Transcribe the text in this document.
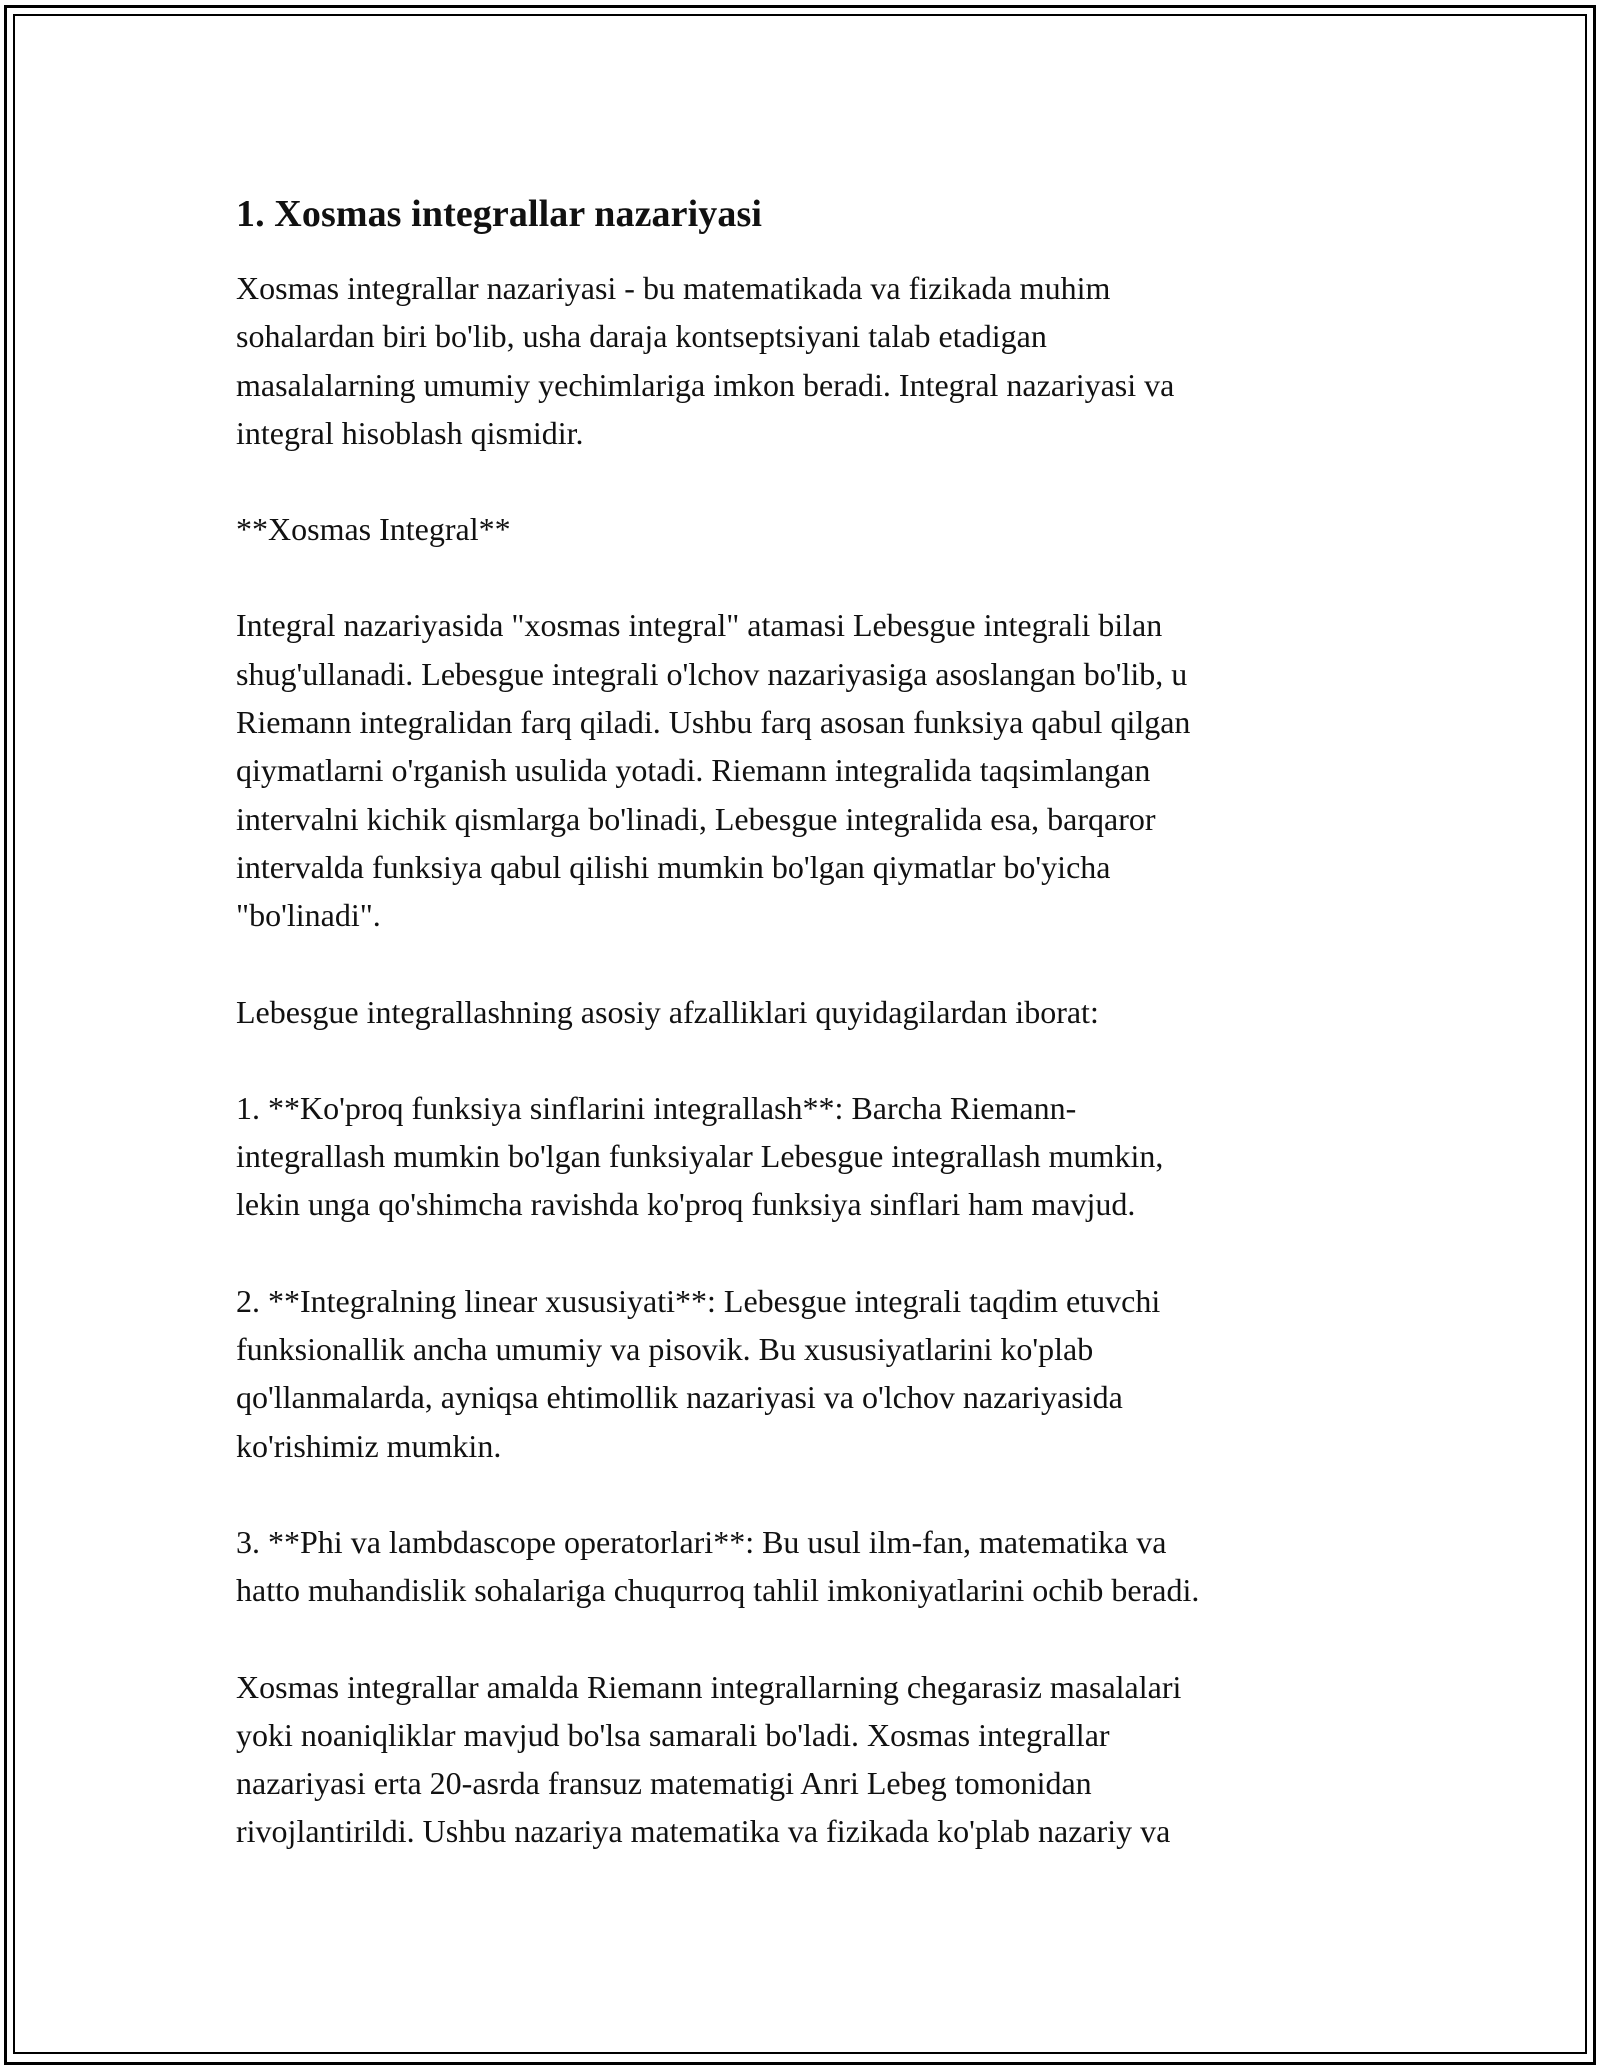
1. Xosmas integrallar nazariyasi

Xosmas integrallar nazariyasi - bu matematikada va fizikada muhim
sohalardan biri bo'lib, usha daraja kontseptsiyani talab etadigan
masalalarning umumiy yechimlariga imkon beradi. Integral nazariyasi va
integral hisoblash qismidir.

**Xosmas Integral**

Integral nazariyasida "xosmas integral" atamasi Lebesgue integrali bilan
shug'ullanadi. Lebesgue integrali o'lchov nazariyasiga asoslangan bo'lib, u
Riemann integralidan farq qiladi. Ushbu farq asosan funksiya qabul qilgan
qiymatlarni o'rganish usulida yotadi. Riemann integralida taqsimlangan
intervalni kichik qismlarga bo'linadi, Lebesgue integralida esa, barqaror
intervalda funksiya qabul qilishi mumkin bo'lgan qiymatlar bo'yicha
"bo'linadi".

Lebesgue integrallashning asosiy afzalliklari quyidagilardan iborat:

1. **Ko'proq funksiya sinflarini integrallash**: Barcha Riemann-
integrallash mumkin bo'lgan funksiyalar Lebesgue integrallash mumkin,
lekin unga qo'shimcha ravishda ko'proq funksiya sinflari ham mavjud.

2. **Integralning linear xususiyati**: Lebesgue integrali taqdim etuvchi
funksionallik ancha umumiy va pisovik. Bu xususiyatlarini ko'plab
qo'llanmalarda, ayniqsa ehtimollik nazariyasi va o'lchov nazariyasida
ko'rishimiz mumkin.

3. **Phi va lambdascope operatorlari**: Bu usul ilm-fan, matematika va
hatto muhandislik sohalariga chuqurroq tahlil imkoniyatlarini ochib beradi.

Xosmas integrallar amalda Riemann integrallarning chegarasiz masalalari
yoki noaniqliklar mavjud bo'lsa samarali bo'ladi. Xosmas integrallar
nazariyasi erta 20-asrda fransuz matematigi Anri Lebeg tomonidan
rivojlantirildi. Ushbu nazariya matematika va fizikada ko'plab nazariy va
